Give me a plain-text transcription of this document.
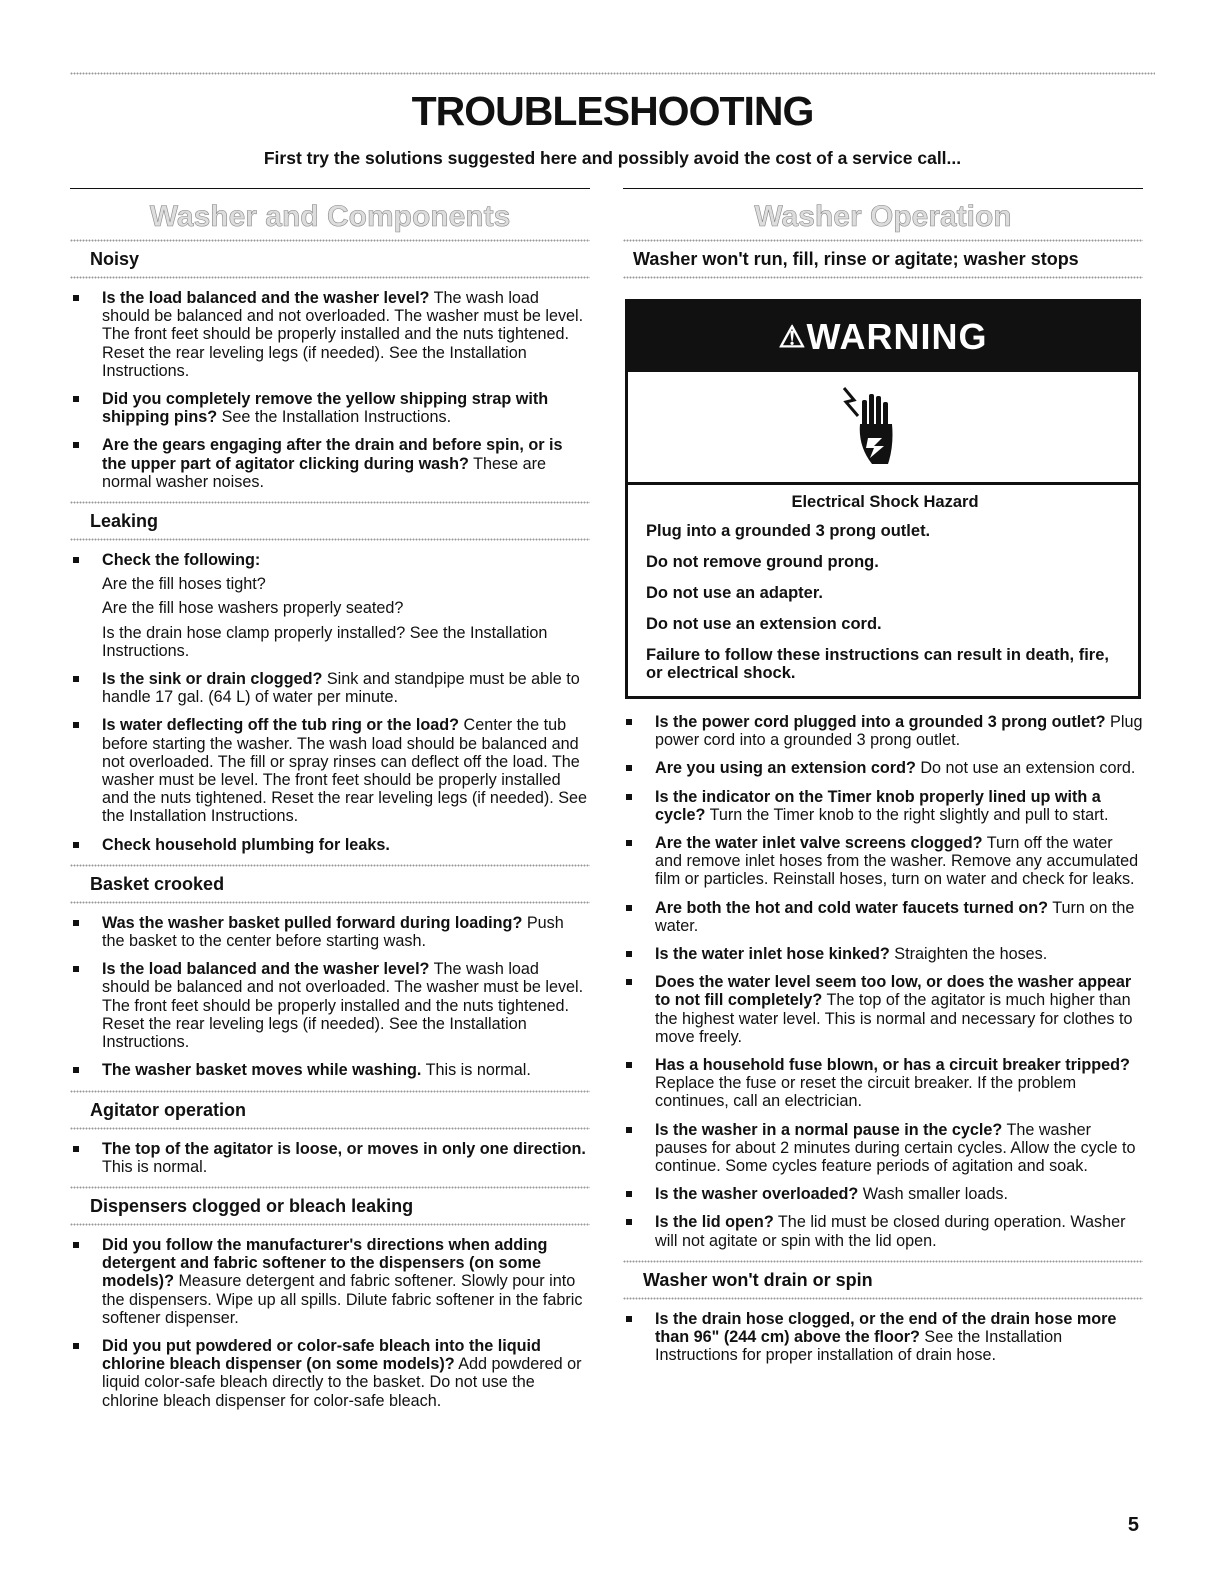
TROUBLESHOOTING

First try the solutions suggested here and possibly avoid the cost of a service call...

Washer and Components
Noisy
Is the load balanced and the washer level? The wash load should be balanced and not overloaded. The washer must be level. The front feet should be properly installed and the nuts tightened. Reset the rear leveling legs (if needed). See the Installation Instructions.
Did you completely remove the yellow shipping strap with shipping pins? See the Installation Instructions.
Are the gears engaging after the drain and before spin, or is the upper part of agitator clicking during wash? These are normal washer noises.
Leaking
Check the following:
Are the fill hoses tight?
Are the fill hose washers properly seated?
Is the drain hose clamp properly installed? See the Installation Instructions.
Is the sink or drain clogged? Sink and standpipe must be able to handle 17 gal. (64 L) of water per minute.
Is water deflecting off the tub ring or the load? Center the tub before starting the washer. The wash load should be balanced and not overloaded. The fill or spray rinses can deflect off the load. The washer must be level. The front feet should be properly installed and the nuts tightened. Reset the rear leveling legs (if needed). See the Installation Instructions.
Check household plumbing for leaks.
Basket crooked
Was the washer basket pulled forward during loading? Push the basket to the center before starting wash.
Is the load balanced and the washer level? The wash load should be balanced and not overloaded. The washer must be level. The front feet should be properly installed and the nuts tightened. Reset the rear leveling legs (if needed). See the Installation Instructions.
The washer basket moves while washing. This is normal.
Agitator operation
The top of the agitator is loose, or moves in only one direction. This is normal.
Dispensers clogged or bleach leaking
Did you follow the manufacturer's directions when adding detergent and fabric softener to the dispensers (on some models)? Measure detergent and fabric softener. Slowly pour into the dispensers. Wipe up all spills. Dilute fabric softener in the fabric softener dispenser.
Did you put powdered or color-safe bleach into the liquid chlorine bleach dispenser (on some models)? Add powdered or liquid color-safe bleach directly to the basket. Do not use the chlorine bleach dispenser for color-safe bleach.
Washer Operation
Washer won't run, fill, rinse or agitate; washer stops
⚠WARNING

Electrical Shock Hazard

Plug into a grounded 3 prong outlet.

Do not remove ground prong.

Do not use an adapter.

Do not use an extension cord.

Failure to follow these instructions can result in death, fire, or electrical shock.

Is the power cord plugged into a grounded 3 prong outlet? Plug power cord into a grounded 3 prong outlet.
Are you using an extension cord? Do not use an extension cord.
Is the indicator on the Timer knob properly lined up with a cycle? Turn the Timer knob to the right slightly and pull to start.
Are the water inlet valve screens clogged? Turn off the water and remove inlet hoses from the washer. Remove any accumulated film or particles. Reinstall hoses, turn on water and check for leaks.
Are both the hot and cold water faucets turned on? Turn on the water.
Is the water inlet hose kinked? Straighten the hoses.
Does the water level seem too low, or does the washer appear to not fill completely? The top of the agitator is much higher than the highest water level. This is normal and necessary for clothes to move freely.
Has a household fuse blown, or has a circuit breaker tripped? Replace the fuse or reset the circuit breaker. If the problem continues, call an electrician.
Is the washer in a normal pause in the cycle? The washer pauses for about 2 minutes during certain cycles. Allow the cycle to continue. Some cycles feature periods of agitation and soak.
Is the washer overloaded? Wash smaller loads.
Is the lid open? The lid must be closed during operation. Washer will not agitate or spin with the lid open.
Washer won't drain or spin
Is the drain hose clogged, or the end of the drain hose more than 96" (244 cm) above the floor? See the Installation Instructions for proper installation of drain hose.
5
